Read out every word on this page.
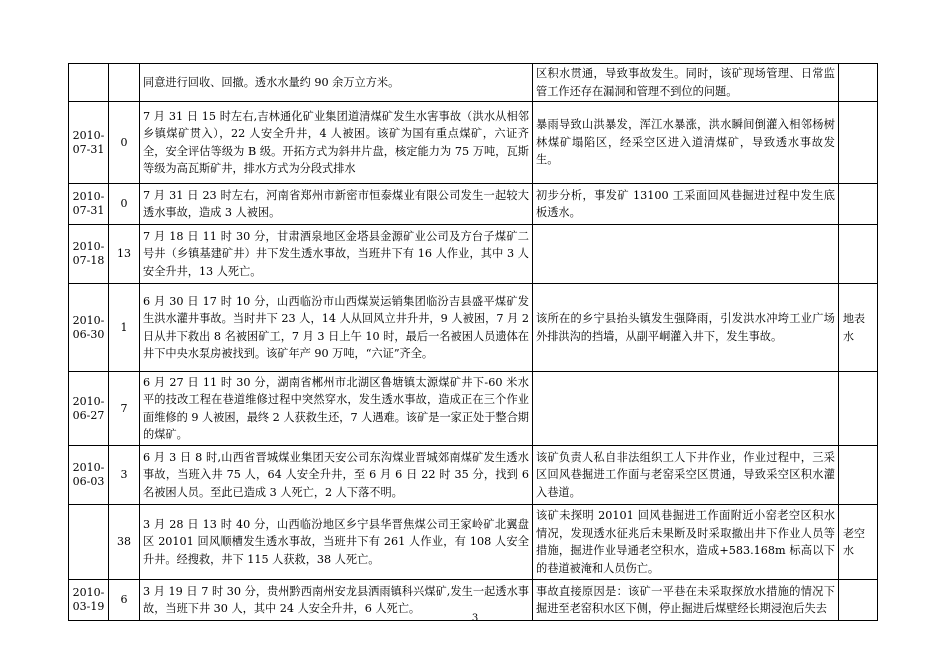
		同意进行回收、回撤。透水水量约 90 余万立方米。	区积水贯通，导致事故发生。同时，该矿现场管理、日常监管工作还存在漏洞和管理不到位的问题。	
2010-07-31	0	7 月 31 日 15 时左右,吉林通化矿业集团道清煤矿发生水害事故（洪水从相邻乡镇煤矿贯入），22 人安全升井，4 人被困。该矿为国有重点煤矿，六证齐全，安全评估等级为 B 级。开拓方式为斜井片盘，核定能力为 75 万吨，瓦斯等级为高瓦斯矿井，排水方式为分段式排水	暴雨导致山洪暴发，浑江水暴涨，洪水瞬间倒灌入相邻杨树林煤矿塌陷区，经采空区进入道清煤矿，导致透水事故发生。	
2010-07-31	0	7 月 31 日 23 时左右，河南省郑州市新密市恒泰煤业有限公司发生一起较大透水事故，造成 3 人被困。	初步分析，事发矿 13100 工采面回风巷掘进过程中发生底板透水。	
2010-07-18	13	7 月 18 日 11 时 30 分，甘肃酒泉地区金塔县金源矿业公司及方台子煤矿二号井（乡镇基建矿井）井下发生透水事故，当班井下有 16 人作业，其中 3 人安全升井，13 人死亡。		
2010-06-30	1	6 月 30 日 17 时 10 分，山西临汾市山西煤炭运销集团临汾吉县盛平煤矿发生洪水灌井事故。当时井下 23 人，14 人从回风立井升井，9 人被困，7 月 2 日从井下救出 8 名被困矿工，7 月 3 日上午 10 时，最后一名被困人员遗体在井下中央水泵房被找到。该矿年产 90 万吨，“六证”齐全。	该所在的乡宁县抬头镇发生强降雨，引发洪水冲垮工业广场外排洪沟的挡墙，从副平峒灌入井下，发生事故。	地表水
2010-06-27	7	6 月 27 日 11 时 30 分，湖南省郴州市北湖区鲁塘镇太源煤矿井下-60 米水平的技改工程在巷道维修过程中突然穿水，发生透水事故，造成正在三个作业面维修的 9 人被困，最终 2 人获救生还，7 人遇难。该矿是一家正处于整合期的煤矿。		
2010-06-03	3	6 月 3 日 8 时,山西省晋城煤业集团天安公司东沟煤业晋城郊南煤矿发生透水事故，当班入井 75 人，64 人安全升井，至 6 月 6 日 22 时 35 分，找到 6 名被困人员。至此已造成 3 人死亡，2 人下落不明。	该矿负责人私自非法组织工人下井作业，作业过程中，三采区回风巷掘进工作面与老窑采空区贯通，导致采空区积水灌入巷道。	
	38	3 月 28 日 13 时 40 分，山西临汾地区乡宁县华晋焦煤公司王家岭矿北翼盘区 20101 回风顺槽发生透水事故，当班井下有 261 人作业，有 108 人安全升井。经搜救，井下 115 人获救，38 人死亡。	该矿未探明 20101 回风巷掘进工作面附近小窑老空区积水情况，发现透水征兆后未果断及时采取撤出井下作业人员等措施，掘进作业导通老空积水，造成+583.168m 标高以下的巷道被淹和人员伤亡。	老空水
2010-03-19	6	3 月 19 日 7 时 30 分，贵州黔西南州安龙县洒雨镇科兴煤矿,发生一起透水事故，当班下井 30 人，其中 24 人安全升井，6 人死亡。	事故直接原因是：该矿一平巷在未采取探放水措施的情况下掘进至老窑积水区下侧，停止掘进后煤壁经长期浸泡后失去	
3
